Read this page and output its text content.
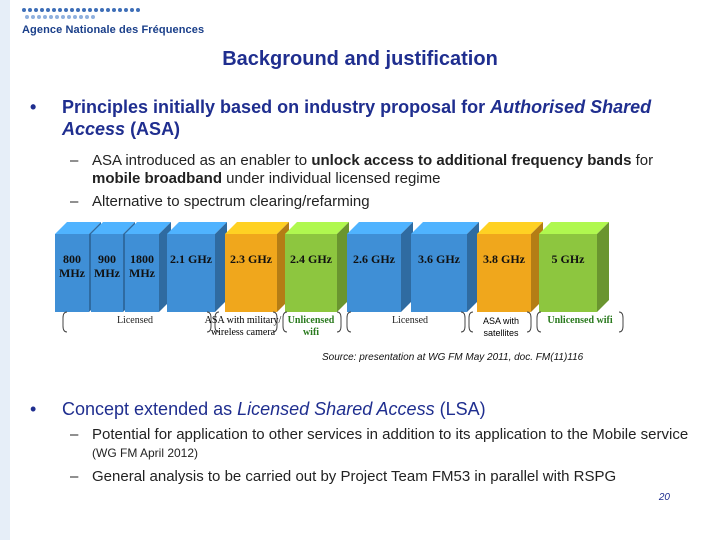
Agence Nationale des Fréquences
Background and justification
• Principles initially based on industry proposal for Authorised Shared Access (ASA)
– ASA introduced as an enabler to unlock access to additional frequency bands for mobile broadband under individual licensed regime
– Alternative to spectrum clearing/refarming
800 MHz
900 MHz
1800 MHz
2.1 GHz	2.3 GHz	2.4 GHz	2.6 GHz	3.6 GHz	3.8 GHz	5 GHz
Licensed	ASA with military/ wireless camera
Unlicensed wifi
Licensed	ASA with satellites
Unlicensed wifi
Source: presentation at WG FM May 2011, doc. FM(11)116
• Concept extended as Licensed Shared Access (LSA)
– Potential for application to other services in addition to its application to the Mobile service (WG FM April 2012)
– General analysis to be carried out by Project Team FM53 in parallel with RSPG
20
